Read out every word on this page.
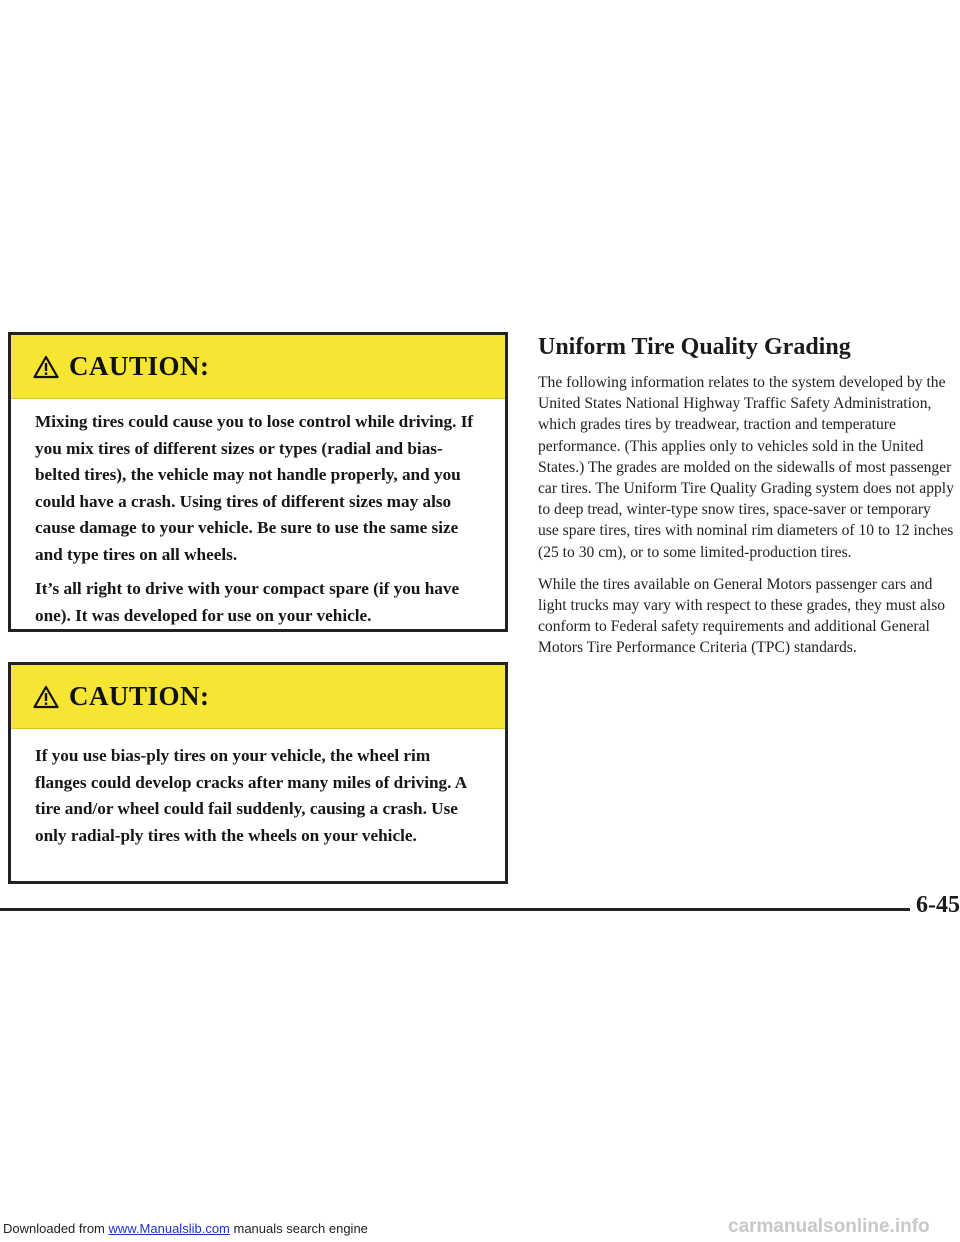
CAUTION:

Mixing tires could cause you to lose control while driving. If you mix tires of different sizes or types (radial and bias-belted tires), the vehicle may not handle properly, and you could have a crash. Using tires of different sizes may also cause damage to your vehicle. Be sure to use the same size and type tires on all wheels.

It’s all right to drive with your compact spare (if you have one). It was developed for use on your vehicle.

CAUTION:

If you use bias-ply tires on your vehicle, the wheel rim flanges could develop cracks after many miles of driving. A tire and/or wheel could fail suddenly, causing a crash. Use only radial-ply tires with the wheels on your vehicle.

Uniform Tire Quality Grading

The following information relates to the system developed by the United States National Highway Traffic Safety Administration, which grades tires by treadwear, traction and temperature performance. (This applies only to vehicles sold in the United States.) The grades are molded on the sidewalls of most passenger car tires. The Uniform Tire Quality Grading system does not apply to deep tread, winter-type snow tires, space-saver or temporary use spare tires, tires with nominal rim diameters of 10 to 12 inches (25 to 30 cm), or to some limited-production tires.

While the tires available on General Motors passenger cars and light trucks may vary with respect to these grades, they must also conform to Federal safety requirements and additional General Motors Tire Performance Criteria (TPC) standards.

6-45
Downloaded from www.Manualslib.com manuals search engine	carmanualsonline.info
